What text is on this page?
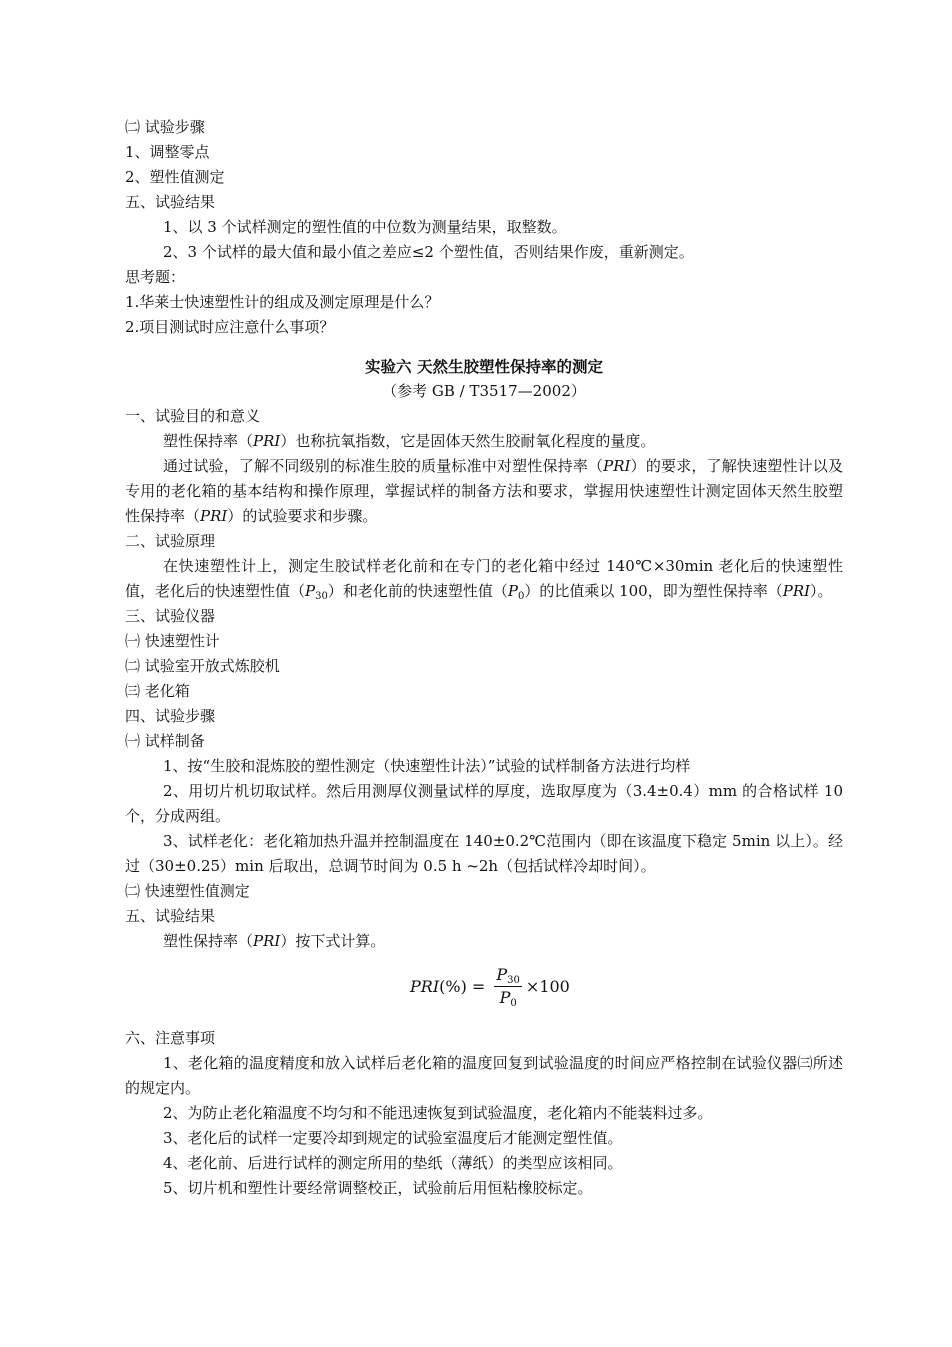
㈡ 试验步骤
1、调整零点
2、塑性值测定
五、试验结果
1、以 3 个试样测定的塑性值的中位数为测量结果，取整数。
2、3 个试样的最大值和最小值之差应≤2 个塑性值，否则结果作废，重新测定。
思考题：
1.华莱士快速塑性计的组成及测定原理是什么？
2.项目测试时应注意什么事项？
实验六 天然生胶塑性保持率的测定
（参考 GB / T3517—2002）
一、试验目的和意义
塑性保持率（PRI）也称抗氧指数，它是固体天然生胶耐氧化程度的量度。
通过试验，了解不同级别的标准生胶的质量标准中对塑性保持率（PRI）的要求，了解快速塑性计以及专用的老化箱的基本结构和操作原理，掌握试样的制备方法和要求，掌握用快速塑性计测定固体天然生胶塑性保持率（PRI）的试验要求和步骤。
二、试验原理
在快速塑性计上，测定生胶试样老化前和在专门的老化箱中经过 140℃×30min 老化后的快速塑性值，老化后的快速塑性值$(P_{30})$和老化前的快速塑性值$(P_0)$的比值乘以 100，即为塑性保持率（PRI）。
三、试验仪器
㈠ 快速塑性计
㈡ 试验室开放式炼胶机
㈢ 老化箱
四、试验步骤
㈠ 试样制备
1、按“生胶和混炼胶的塑性测定（快速塑性计法）”试验的试样制备方法进行均样
2、用切片机切取试样。然后用测厚仪测量试样的厚度，选取厚度为（3.4±0.4）mm 的合格试样 10 个，分成两组。
3、试样老化：老化箱加热升温并控制温度在 140±0.2℃范围内（即在该温度下稳定 5min 以上）。经过（30±0.25）min 后取出，总调节时间为 0.5 h ~2h（包括试样冷却时间）。
㈡ 快速塑性值测定
五、试验结果
塑性保持率（PRI）按下式计算。
PRI (%) = $\frac{P_{30}}{P_0} \times 100$
六、注意事项
1、老化箱的温度精度和放入试样后老化箱的温度回复到试验温度的时间应严格控制在试验仪器㈢所述的规定内。
2、为防止老化箱温度不均匀和不能迅速恢复到试验温度，老化箱内不能装料过多。
3、老化后的试样一定要冷却到规定的试验室温度后才能测定塑性值。
4、老化前、后进行试样的测定所用的垫纸（薄纸）的类型应该相同。
5、切片机和塑性计要经常调整校正，试验前后用恒粘橡胶标定。
